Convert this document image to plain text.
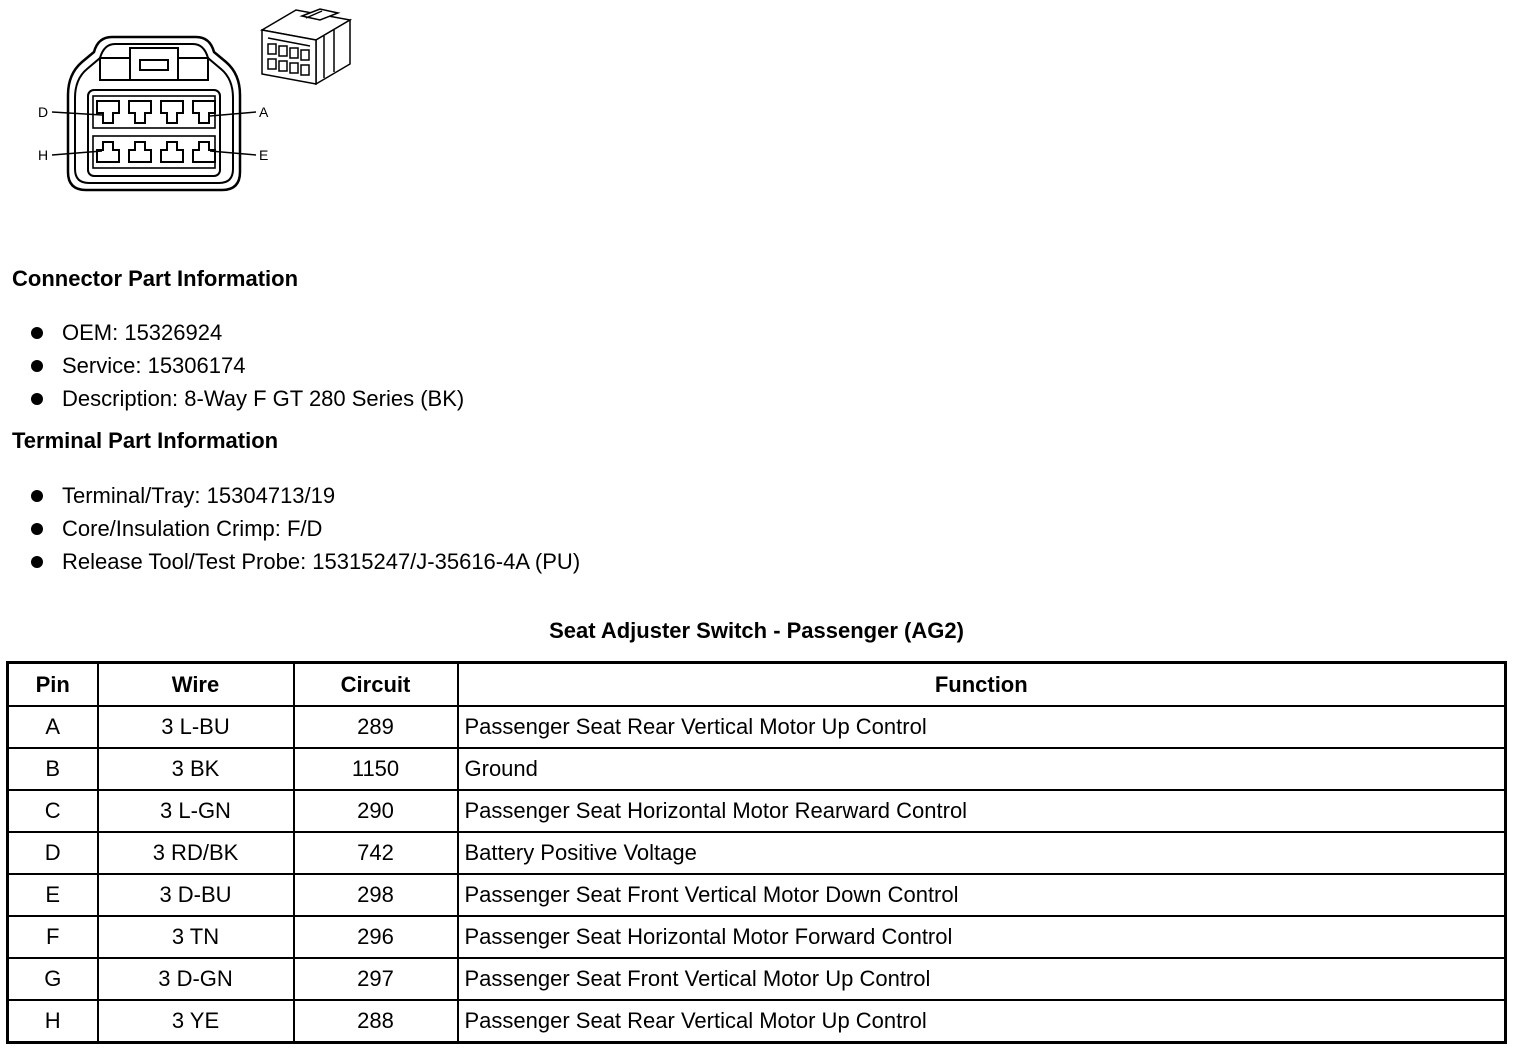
D	A
H	E
Connector Part Information
OEM: 15326924
Service: 15306174
Description: 8-Way F GT 280 Series (BK)
Terminal Part Information
Terminal/Tray: 15304713/19
Core/Insulation Crimp: F/D
Release Tool/Test Probe: 15315247/J-35616-4A (PU)
Seat Adjuster Switch - Passenger (AG2)
Pin	Wire	Circuit	Function
A	3 L-BU	289	Passenger Seat Rear Vertical Motor Up Control
B	3 BK	1150	Ground
C	3 L-GN	290	Passenger Seat Horizontal Motor Rearward Control
D	3 RD/BK	742	Battery Positive Voltage
E	3 D-BU	298	Passenger Seat Front Vertical Motor Down Control
F	3 TN	296	Passenger Seat Horizontal Motor Forward Control
G	3 D-GN	297	Passenger Seat Front Vertical Motor Up Control
H	3 YE	288	Passenger Seat Rear Vertical Motor Up Control
